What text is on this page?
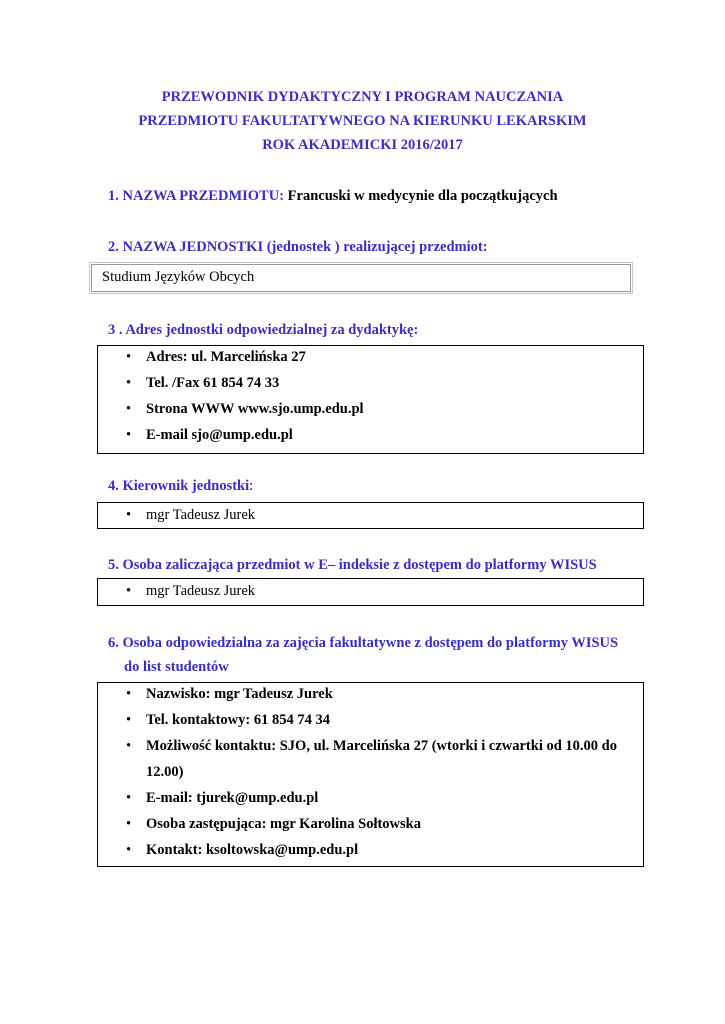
PRZEWODNIK DYDAKTYCZNY I PROGRAM NAUCZANIA

PRZEDMIOTU FAKULTATYWNEGO NA KIERUNKU LEKARSKIM

ROK AKADEMICKI 2016/2017

1. NAZWA PRZEDMIOTU: Francuski w medycynie dla początkujących

2. NAZWA JEDNOSTKI (jednostek ) realizującej przedmiot:

Studium Języków Obcych

3 . Adres jednostki odpowiedzialnej za dydaktykę:

• Adres: ul. Marcelińska 27
• Tel. /Fax 61 854 74 33
• Strona WWW www.sjo.ump.edu.pl
• E-mail sjo@ump.edu.pl

4. Kierownik jednostki:

• mgr Tadeusz Jurek

5. Osoba zaliczająca przedmiot w E– indeksie z dostępem do platformy WISUS

• mgr Tadeusz Jurek

6. Osoba odpowiedzialna za zajęcia fakultatywne z dostępem do platformy WISUS

do list studentów

• Nazwisko: mgr Tadeusz Jurek
• Tel. kontaktowy: 61 854 74 34
• Możliwość kontaktu: SJO, ul. Marcelińska 27 (wtorki i czwartki od 10.00 do
12.00)
• E-mail: tjurek@ump.edu.pl
• Osoba zastępująca: mgr Karolina Sołtowska
• Kontakt: ksoltowska@ump.edu.pl
